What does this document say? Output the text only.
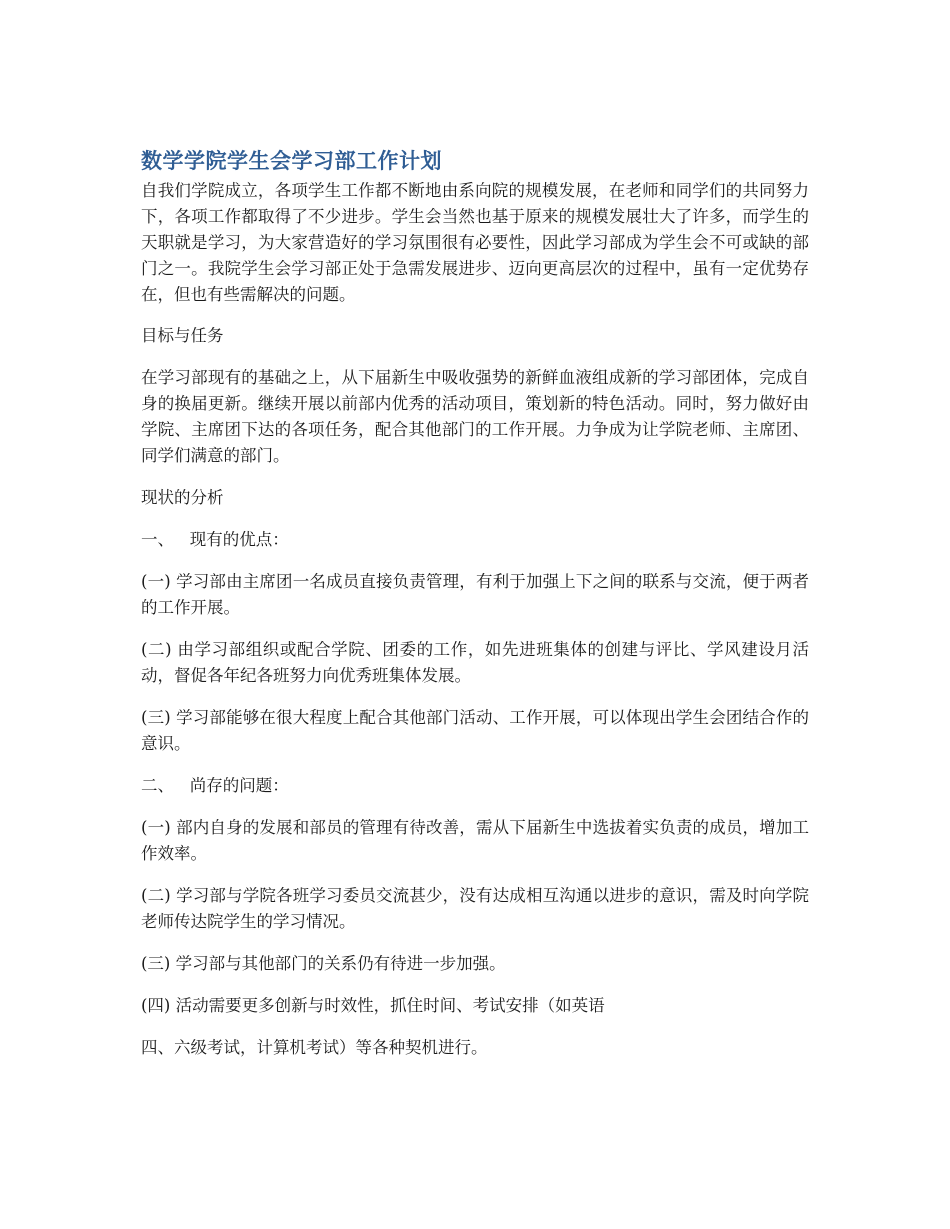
数学学院学生会学习部工作计划

自我们学院成立，各项学生工作都不断地由系向院的规模发展，在老师和同学们的共同努力下，各项工作都取得了不少进步。学生会当然也基于原来的规模发展壮大了许多，而学生的天职就是学习，为大家营造好的学习氛围很有必要性，因此学习部成为学生会不可或缺的部门之一。我院学生会学习部正处于急需发展进步、迈向更高层次的过程中，虽有一定优势存在，但也有些需解决的问题。

目标与任务

在学习部现有的基础之上，从下届新生中吸收强势的新鲜血液组成新的学习部团体，完成自身的换届更新。继续开展以前部内优秀的活动项目，策划新的特色活动。同时，努力做好由学院、主席团下达的各项任务，配合其他部门的工作开展。力争成为让学院老师、主席团、同学们满意的部门。

现状的分析

一、   现有的优点：

(一) 学习部由主席团一名成员直接负责管理，有利于加强上下之间的联系与交流，便于两者的工作开展。

(二) 由学习部组织或配合学院、团委的工作，如先进班集体的创建与评比、学风建设月活动，督促各年纪各班努力向优秀班集体发展。

(三) 学习部能够在很大程度上配合其他部门活动、工作开展，可以体现出学生会团结合作的意识。

二、   尚存的问题：

(一) 部内自身的发展和部员的管理有待改善，需从下届新生中选拔着实负责的成员，增加工作效率。

(二) 学习部与学院各班学习委员交流甚少，没有达成相互沟通以进步的意识，需及时向学院老师传达院学生的学习情况。

(三) 学习部与其他部门的关系仍有待进一步加强。

(四) 活动需要更多创新与时效性，抓住时间、考试安排（如英语

四、六级考试，计算机考试）等各种契机进行。
